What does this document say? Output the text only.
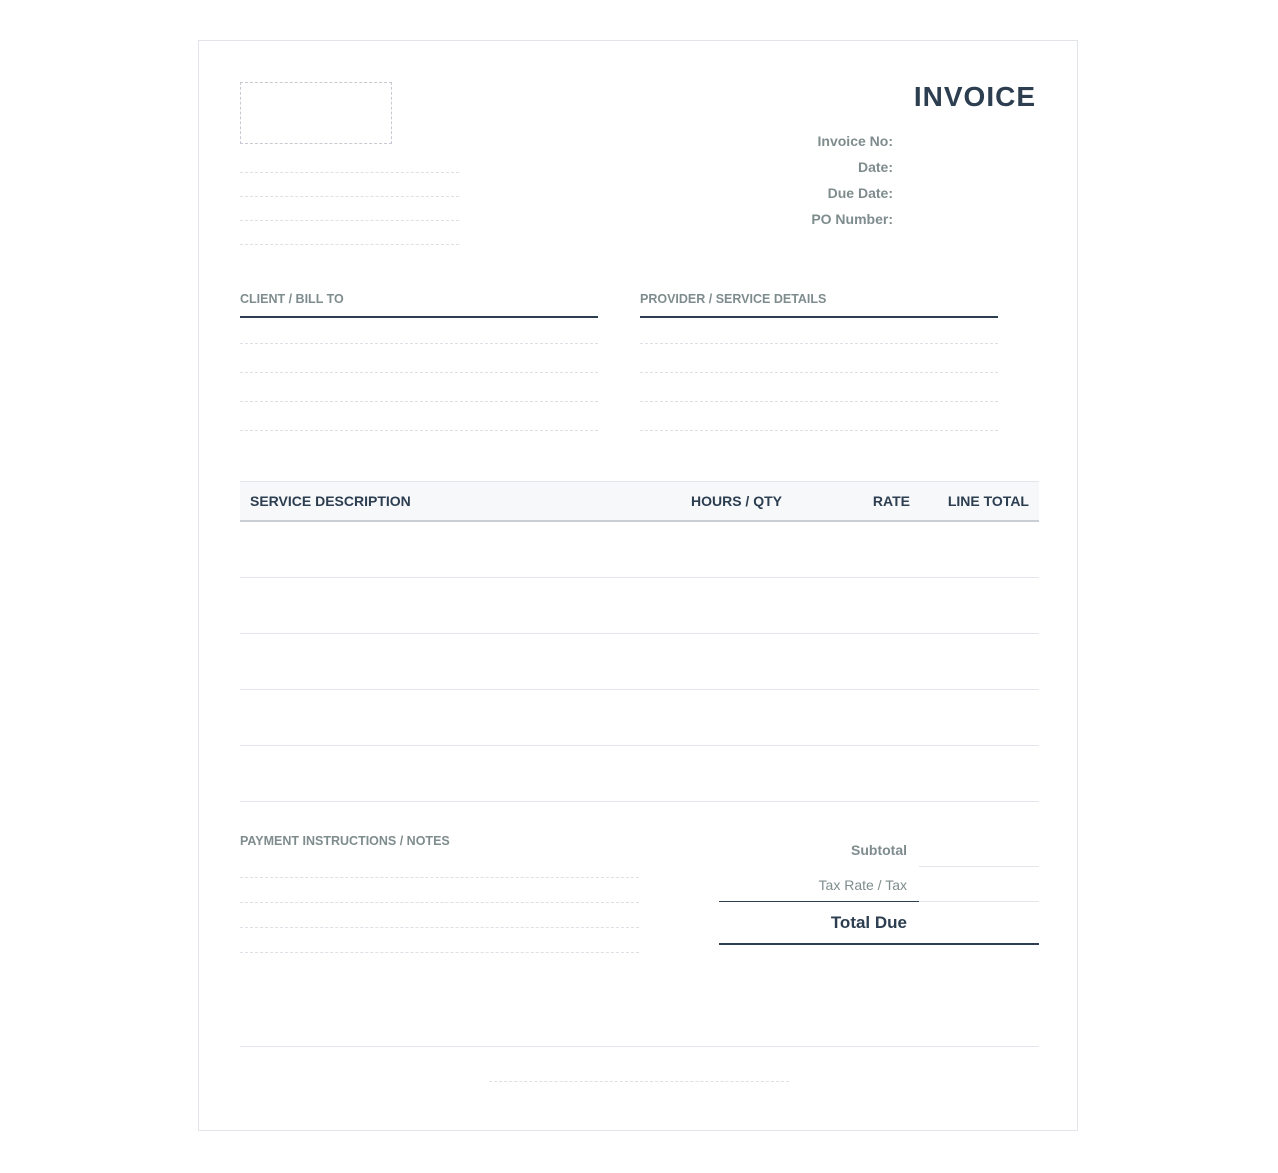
INVOICE
Invoice No:
Date:
Due Date:
PO Number:
CLIENT / BILL TO	PROVIDER / SERVICE DETAILS
SERVICE DESCRIPTION	HOURS / QTY	RATE	LINE TOTAL
PAYMENT INSTRUCTIONS / NOTES
Subtotal
Tax Rate / Tax
Total Due
